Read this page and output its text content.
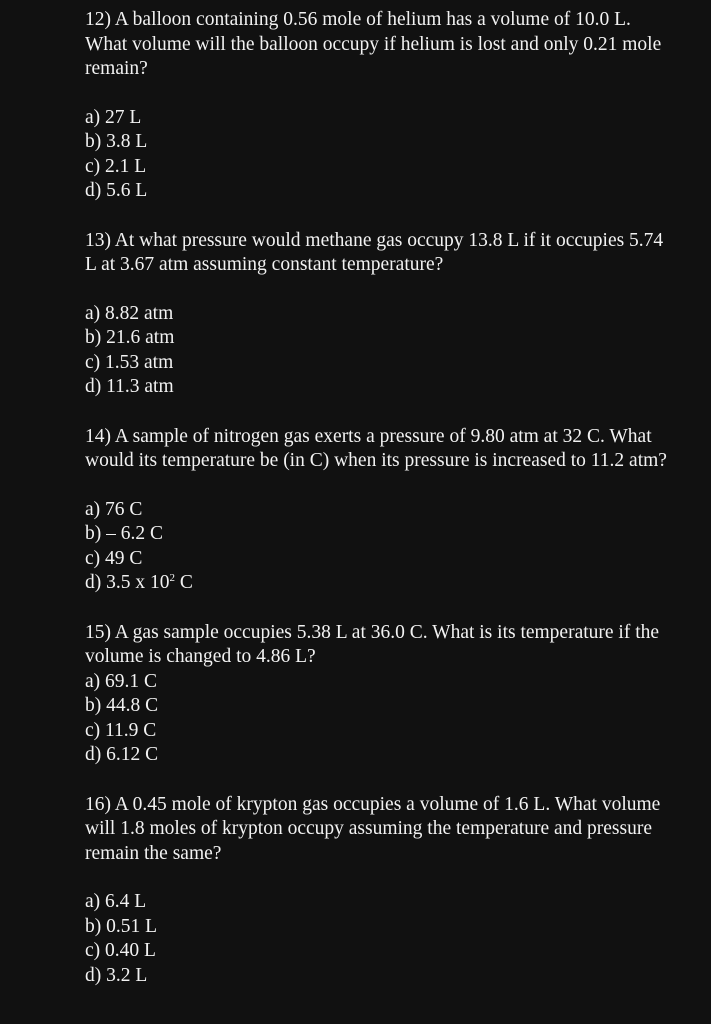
12) A balloon containing 0.56 mole of helium has a volume of 10.0 L. What volume will the balloon occupy if helium is lost and only 0.21 mole remain?

a) 27 L
b) 3.8 L
c) 2.1 L
d) 5.6 L

13) At what pressure would methane gas occupy 13.8 L if it occupies 5.74 L at 3.67 atm assuming constant temperature?

a) 8.82 atm
b) 21.6 atm
c) 1.53 atm
d) 11.3 atm

14) A sample of nitrogen gas exerts a pressure of 9.80 atm at 32 C. What would its temperature be (in C) when its pressure is increased to 11.2 atm?

a) 76 C
b) – 6.2 C
c) 49 C
d) 3.5 x $10^2$ C

15) A gas sample occupies 5.38 L at 36.0 C. What is its temperature if the volume is changed to 4.86 L?

a) 69.1 C
b) 44.8 C
c) 11.9 C
d) 6.12 C

16) A 0.45 mole of krypton gas occupies a volume of 1.6 L. What volume will 1.8 moles of krypton occupy assuming the temperature and pressure remain the same?

a) 6.4 L
b) 0.51 L
c) 0.40 L
d) 3.2 L
